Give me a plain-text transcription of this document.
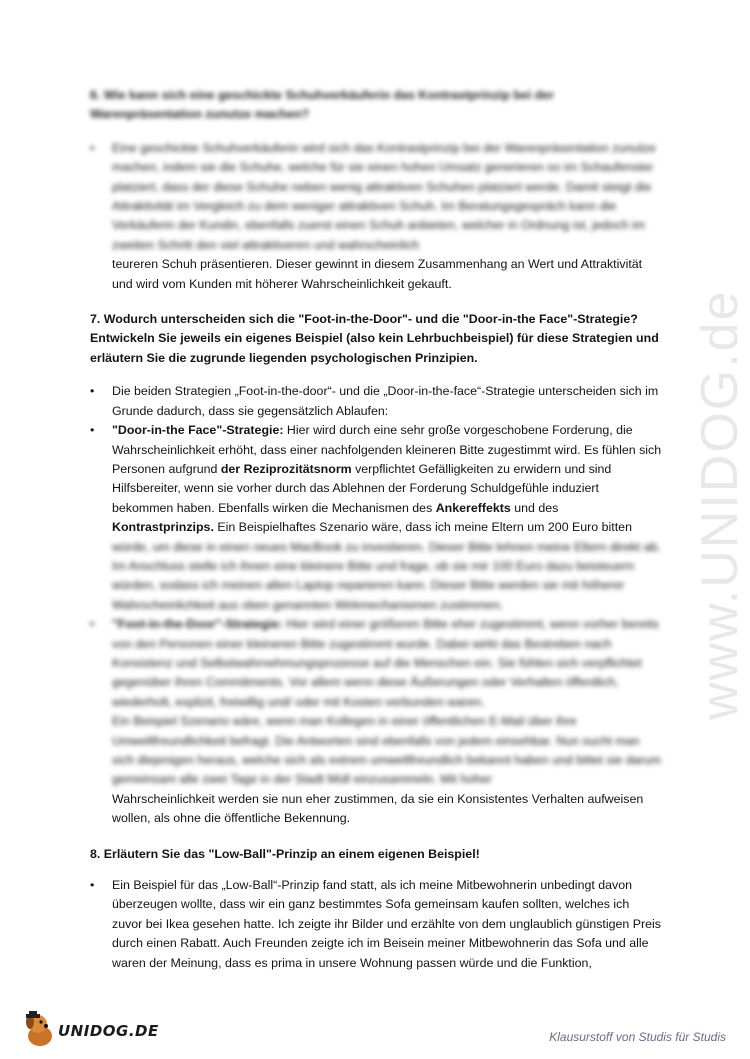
www.UNIDOG.de

6. Wie kann sich eine geschickte Schuhverkäuferin das Kontrastprinzip bei der Warenpräsentation zunutze machen?

• Eine geschickte Schuhverkäuferin wird sich das Kontrastprinzip bei der Warenpräsentation zunutze machen, indem sie die Schuhe, welche für sie einen hohen Umsatz generieren so im Schaufenster platziert, dass der diese Schuhe neben wenig attraktiven Schuhen platziert werde. Damit steigt die Attraktivität im Vergleich zu dem weniger attraktiven Schuh. Im Beratungsgespräch kann die Verkäuferin der Kundin, ebenfalls zuerst einen Schuh anbieten, welcher in Ordnung ist, jedoch im zweiten Schritt den viel attraktiveren und wahrscheinlich
teureren Schuh präsentieren. Dieser gewinnt in diesem Zusammenhang an Wert und Attraktivität und wird vom Kunden mit höherer Wahrscheinlichkeit gekauft.

7. Wodurch unterscheiden sich die "Foot-in-the-Door"- und die "Door-in-the Face"-Strategie? Entwickeln Sie jeweils ein eigenes Beispiel (also kein Lehrbuchbeispiel) für diese Strategien und erläutern Sie die zugrunde liegenden psychologischen Prinzipien.

• Die beiden Strategien „Foot-in-the-door“- und die „Door-in-the-face“-Strategie unterscheiden sich im Grunde dadurch, dass sie gegensätzlich Ablaufen:
• "Door-in-the Face"-Strategie: Hier wird durch eine sehr große vorgeschobene Forderung, die Wahrscheinlichkeit erhöht, dass einer nachfolgenden kleineren Bitte zugestimmt wird. Es fühlen sich Personen aufgrund der Reziprozitätsnorm verpflichtet Gefälligkeiten zu erwidern und sind Hilfsbereiter, wenn sie vorher durch das Ablehnen der Forderung Schuldgefühle induziert bekommen haben. Ebenfalls wirken die Mechanismen des Ankereffekts und des Kontrastprinzips. Ein Beispielhaftes Szenario wäre, dass ich meine Eltern um 200 Euro bitten
würde, um diese in einen neues MacBook zu investieren. Dieser Bitte lehnen meine Eltern direkt ab. Im Anschluss stelle ich ihnen eine kleinere Bitte und frage, ob sie mir 100 Euro dazu beisteuern würden, sodass ich meinen alten Laptop reparieren kann. Dieser Bitte werden sie mit höherer Wahrscheinlichkeit aus oben genannten Wirkmechanismen zustimmen.
• "Foot-in-the-Door"-Strategie: Hier wird einer größeren Bitte eher zugestimmt, wenn vorher bereits von den Personen einer kleineren Bitte zugestimmt wurde. Dabei wirkt das Bestreben nach Konsistenz und Selbstwahrnehmungsprozesse auf die Menschen ein. Sie fühlen sich verpflichtet gegenüber ihren Commitments. Vor allem wenn diese Äußerungen oder Verhalten öffentlich, wiederholt, explizit, freiwillig und/ oder mit Kosten verbunden waren.
Ein Beispiel Szenario wäre, wenn man Kollegen in einer öffentlichen E-Mail über ihre Umweltfreundlichkeit befragt. Die Antworten sind ebenfalls von jedem einsehbar. Nun sucht man sich diejenigen heraus, welche sich als extrem umweltfreundlich bekannt haben und bittet sie darum gemeinsam alle zwei Tage in der Stadt Müll einzusammeln. Mit hoher
Wahrscheinlichkeit werden sie nun eher zustimmen, da sie ein Konsistentes Verhalten aufweisen wollen, als ohne die öffentliche Bekennung.

8. Erläutern Sie das "Low-Ball"-Prinzip an einem eigenen Beispiel!

• Ein Beispiel für das „Low-Ball“-Prinzip fand statt, als ich meine Mitbewohnerin unbedingt davon überzeugen wollte, dass wir ein ganz bestimmtes Sofa gemeinsam kaufen sollten, welches ich zuvor bei Ikea gesehen hatte. Ich zeigte ihr Bilder und erzählte von dem unglaublich günstigen Preis durch einen Rabatt. Auch Freunden zeigte ich im Beisein meiner Mitbewohnerin das Sofa und alle waren der Meinung, dass es prima in unsere Wohnung passen würde und die Funktion,
UNIDOG.DE	Klausurstoff von Studis für Studis
